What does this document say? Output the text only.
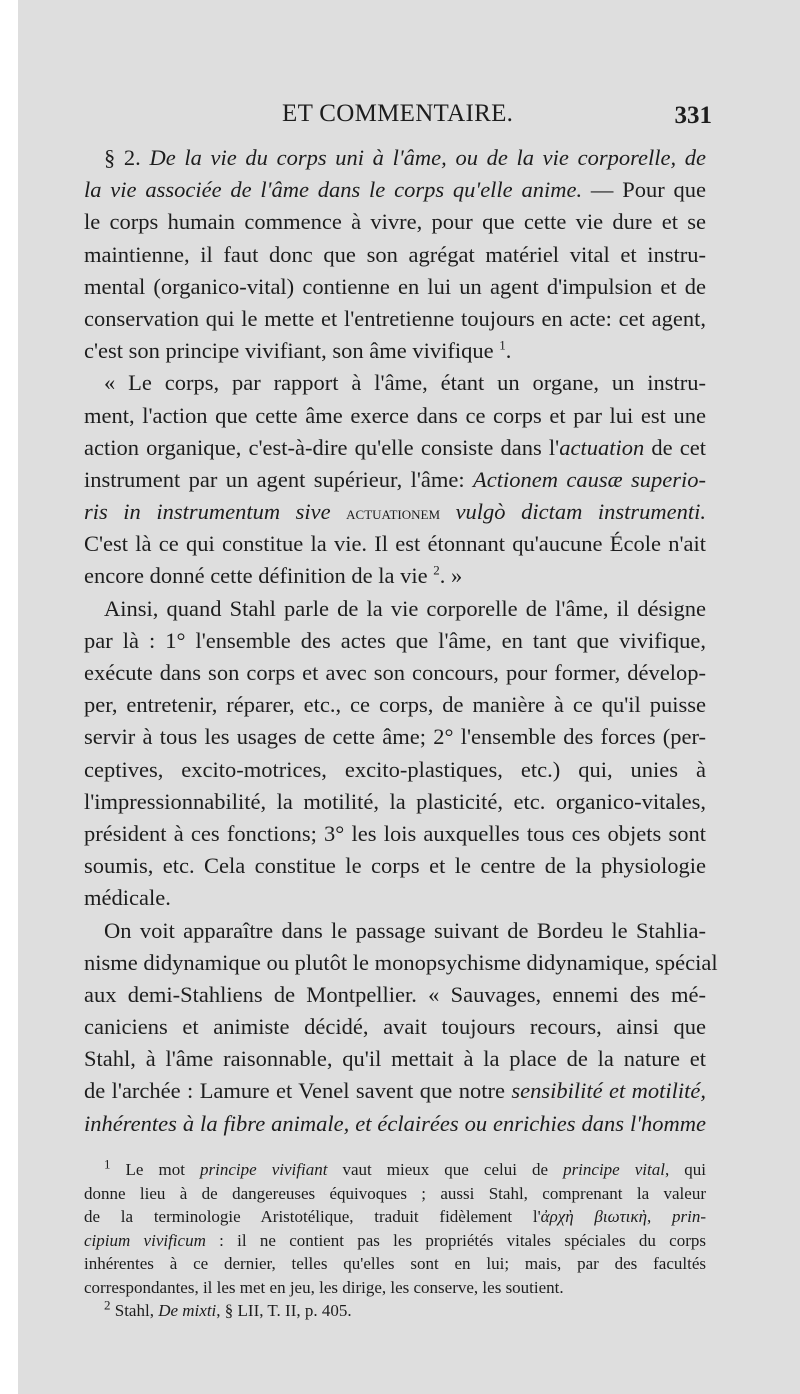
ET COMMENTAIRE.	331
§ 2. De la vie du corps uni à l'âme, ou de la vie corporelle, de
la vie associée de l'âme dans le corps qu'elle anime. — Pour que
le corps humain commence à vivre, pour que cette vie dure et se
maintienne, il faut donc que son agrégat matériel vital et instru-
mental (organico-vital) contienne en lui un agent d'impulsion et de
conservation qui le mette et l'entretienne toujours en acte: cet agent,
c'est son principe vivifiant, son âme vivifique $^1$.
« Le corps, par rapport à l'âme, étant un organe, un instru-
ment, l'action que cette âme exerce dans ce corps et par lui est une
action organique, c'est-à-dire qu'elle consiste dans l'actuation de cet
instrument par un agent supérieur, l'âme: Actionem causæ superio-
ris in instrumentum sive actuationem vulgò dictam instrumenti.
C'est là ce qui constitue la vie. Il est étonnant qu'aucune École n'ait
encore donné cette définition de la vie $^2$. »
Ainsi, quand Stahl parle de la vie corporelle de l'âme, il désigne
par là : 1° l'ensemble des actes que l'âme, en tant que vivifique,
exécute dans son corps et avec son concours, pour former, dévelop-
per, entretenir, réparer, etc., ce corps, de manière à ce qu'il puisse
servir à tous les usages de cette âme; 2° l'ensemble des forces (per-
ceptives, excito-motrices, excito-plastiques, etc.) qui, unies à
l'impressionnabilité, la motilité, la plasticité, etc. organico-vitales,
président à ces fonctions; 3° les lois auxquelles tous ces objets sont
soumis, etc. Cela constitue le corps et le centre de la physiologie
médicale.
On voit apparaître dans le passage suivant de Bordeu le Stahlia-
nisme didynamique ou plutôt le monopsychisme didynamique, spécial
aux demi-Stahliens de Montpellier. « Sauvages, ennemi des mé-
caniciens et animiste décidé, avait toujours recours, ainsi que
Stahl, à l'âme raisonnable, qu'il mettait à la place de la nature et
de l'archée : Lamure et Venel savent que notre sensibilité et motilité,
inhérentes à la fibre animale, et éclairées ou enrichies dans l'homme
$^1$ Le mot principe vivifiant vaut mieux que celui de principe vital, qui
donne lieu à de dangereuses équivoques ; aussi Stahl, comprenant la valeur
de la terminologie Aristotélique, traduit fidèlement l'ἀρχὴ βιωτικὴ, prin-
cipium vivificum : il ne contient pas les propriétés vitales spéciales du corps
inhérentes à ce dernier, telles qu'elles sont en lui; mais, par des facultés
correspondantes, il les met en jeu, les dirige, les conserve, les soutient.
$^2$ Stahl, De mixti, § LII, T. II, p. 405.
